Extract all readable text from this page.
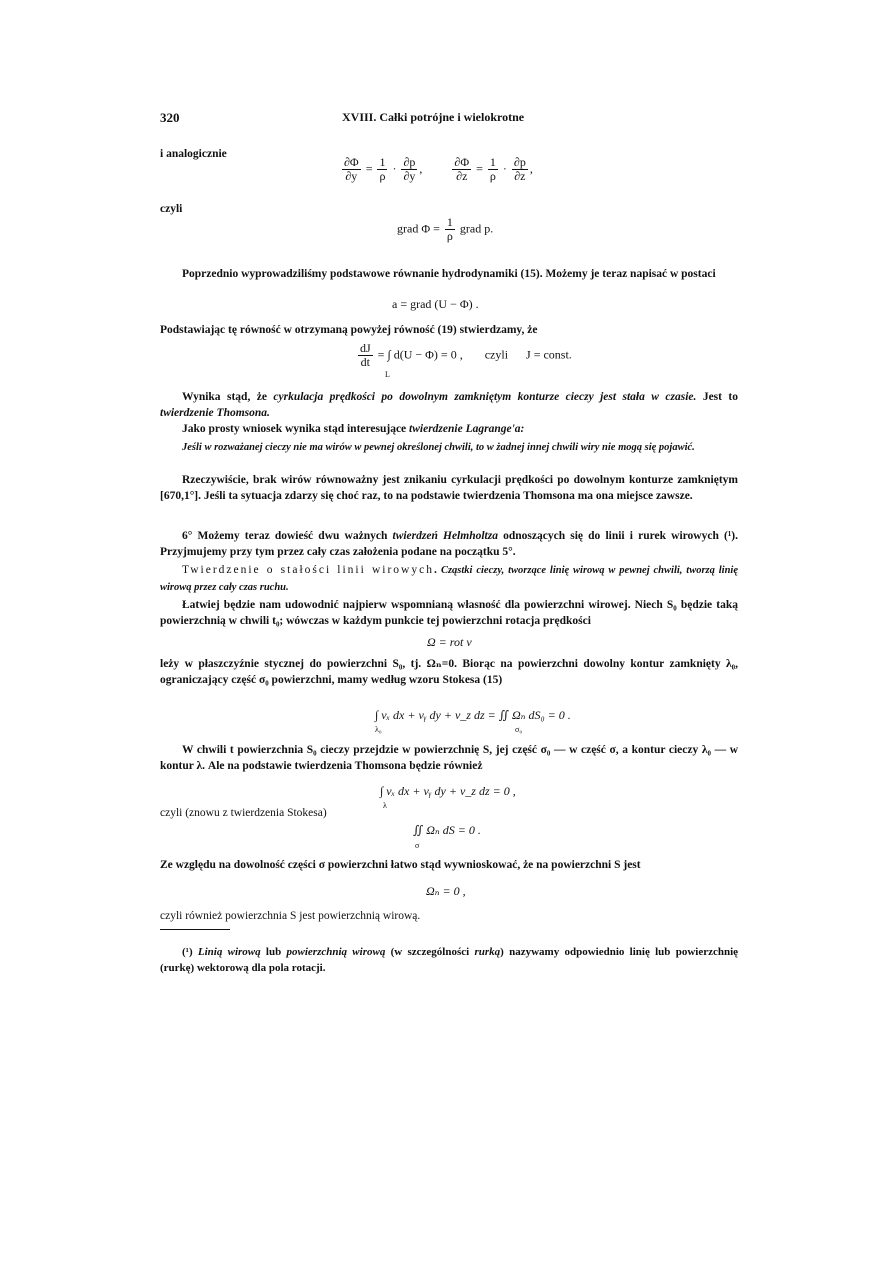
320	XVIII. Całki potrójne i wielokrotne
i analogicznie
$\frac{\partial\Phi}{\partial y} = \frac{1}{\rho} \cdot \frac{\partial p}{\partial y}$ , $\frac{\partial\Phi}{\partial z} = \frac{1}{\rho} \cdot \frac{\partial p}{\partial z}$ ,
czyli
grad $\Phi = \frac{1}{\rho}$ grad p.
Poprzednio wyprowadziliśmy podstawowe równanie hydrodynamiki (15). Możemy je teraz napisać w postaci
a = grad (U − Φ) .
Podstawiając tę równość w otrzymaną powyżej równość (19) stwierdzamy, że
$\frac{dJ}{dt}$ = ∫ d(U − Φ) = 0 , czyli J = const.
L
Wynika stąd, że cyrkulacja prędkości po dowolnym zamkniętym konturze cieczy jest stała w czasie. Jest to twierdzenie Thomsona.
Jako prosty wniosek wynika stąd interesujące twierdzenie Lagrange'a:
Jeśli w rozważanej cieczy nie ma wirów w pewnej określonej chwili, to w żadnej innej chwili wiry nie mogą się pojawić.
Rzeczywiście, brak wirów równoważny jest znikaniu cyrkulacji prędkości po dowolnym konturze zamkniętym [670,1°]. Jeśli ta sytuacja zdarzy się choć raz, to na podstawie twierdzenia Thomsona ma ona miejsce zawsze.
6° Możemy teraz dowieść dwu ważnych twierdzeń Helmholtza odnoszących się do linii i rurek wirowych (¹). Przyjmujemy przy tym przez cały czas założenia podane na początku 5°.
Twierdzenie o stałości linii wirowych. Cząstki cieczy, tworzące linię wirową w pewnej chwili, tworzą linię wirową przez cały czas ruchu.
Łatwiej będzie nam udowodnić najpierw wspomnianą własność dla powierzchni wirowej. Niech S₀ będzie taką powierzchnią w chwili t₀; wówczas w każdym punkcie tej powierzchni rotacja prędkości
Ω = rot v
leży w płaszczyźnie stycznej do powierzchni S₀, tj. Ωₙ=0. Biorąc na powierzchni dowolny kontur zamknięty λ₀, ograniczający część σ₀ powierzchni, mamy według wzoru Stokesa (15)
∫ vₓ dx + vᵧ dy + v_z dz = ∬ Ωₙ dS₀ = 0 .
λ₀	σ₀
W chwili t powierzchnia S₀ cieczy przejdzie w powierzchnię S, jej część σ₀ — w część σ, a kontur cieczy λ₀ — w kontur λ. Ale na podstawie twierdzenia Thomsona będzie również
∫ vₓ dx + vᵧ dy + v_z dz = 0 ,
λ
czyli (znowu z twierdzenia Stokesa)
∬ Ωₙ dS = 0 .
σ
Ze względu na dowolność części σ powierzchni łatwo stąd wywnioskować, że na powierzchni S jest
Ωₙ = 0 ,
czyli również powierzchnia S jest powierzchnią wirową.
(¹) Linią wirową lub powierzchnią wirową (w szczególności rurką) nazywamy odpowiednio linię lub powierzchnię (rurkę) wektorową dla pola rotacji.
